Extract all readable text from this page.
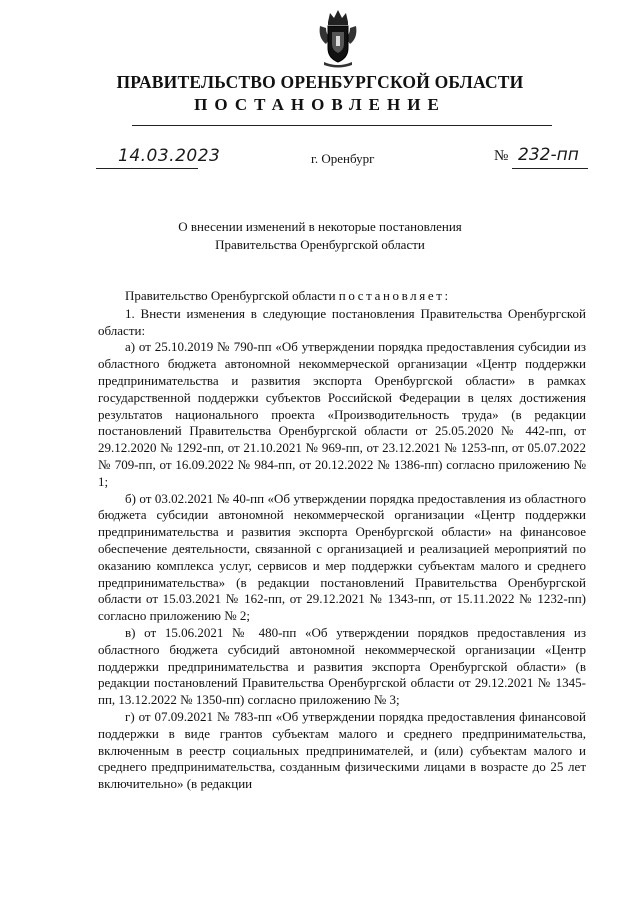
ПРАВИТЕЛЬСТВО ОРЕНБУРГСКОЙ ОБЛАСТИ
ПОСТАНОВЛЕНИЕ
14.03.2023	г. Оренбург	№ 232-пп
О внесении изменений в некоторые постановления
Правительства Оренбургской области

Правительство Оренбургской области постановляет:

1. Внести изменения в следующие постановления Правительства Оренбургской области:

а) от 25.10.2019 № 790-пп «Об утверждении порядка предоставления субсидии из областного бюджета автономной некоммерческой организации «Центр поддержки предпринимательства и развития экспорта Оренбургской области» в рамках государственной поддержки субъектов Российской Федерации в целях достижения результатов национального проекта «Производительность труда» (в редакции постановлений Правительства Оренбургской области от 25.05.2020 № 442-пп, от 29.12.2020 № 1292-пп, от 21.10.2021 № 969-пп, от 23.12.2021 № 1253-пп, от 05.07.2022 № 709-пп, от 16.09.2022 № 984-пп, от 20.12.2022 № 1386-пп) согласно приложению № 1;

б) от 03.02.2021 № 40-пп «Об утверждении порядка предоставления из областного бюджета субсидии автономной некоммерческой организации «Центр поддержки предпринимательства и развития экспорта Оренбургской области» на финансовое обеспечение деятельности, связанной с организацией и реализацией мероприятий по оказанию комплекса услуг, сервисов и мер поддержки субъектам малого и среднего предпринимательства» (в редакции постановлений Правительства Оренбургской области от 15.03.2021 № 162-пп, от 29.12.2021 № 1343-пп, от 15.11.2022 № 1232-пп) согласно приложению № 2;

в) от 15.06.2021 № 480-пп «Об утверждении порядков предоставления из областного бюджета субсидий автономной некоммерческой организации «Центр поддержки предпринимательства и развития экспорта Оренбургской области» (в редакции постановлений Правительства Оренбургской области от 29.12.2021 № 1345-пп, 13.12.2022 № 1350-пп) согласно приложению № 3;

г) от 07.09.2021 № 783-пп «Об утверждении порядка предоставления финансовой поддержки в виде грантов субъектам малого и среднего предпринимательства, включенным в реестр социальных предпринимателей, и (или) субъектам малого и среднего предпринимательства, созданным физическими лицами в возрасте до 25 лет включительно» (в редакции
